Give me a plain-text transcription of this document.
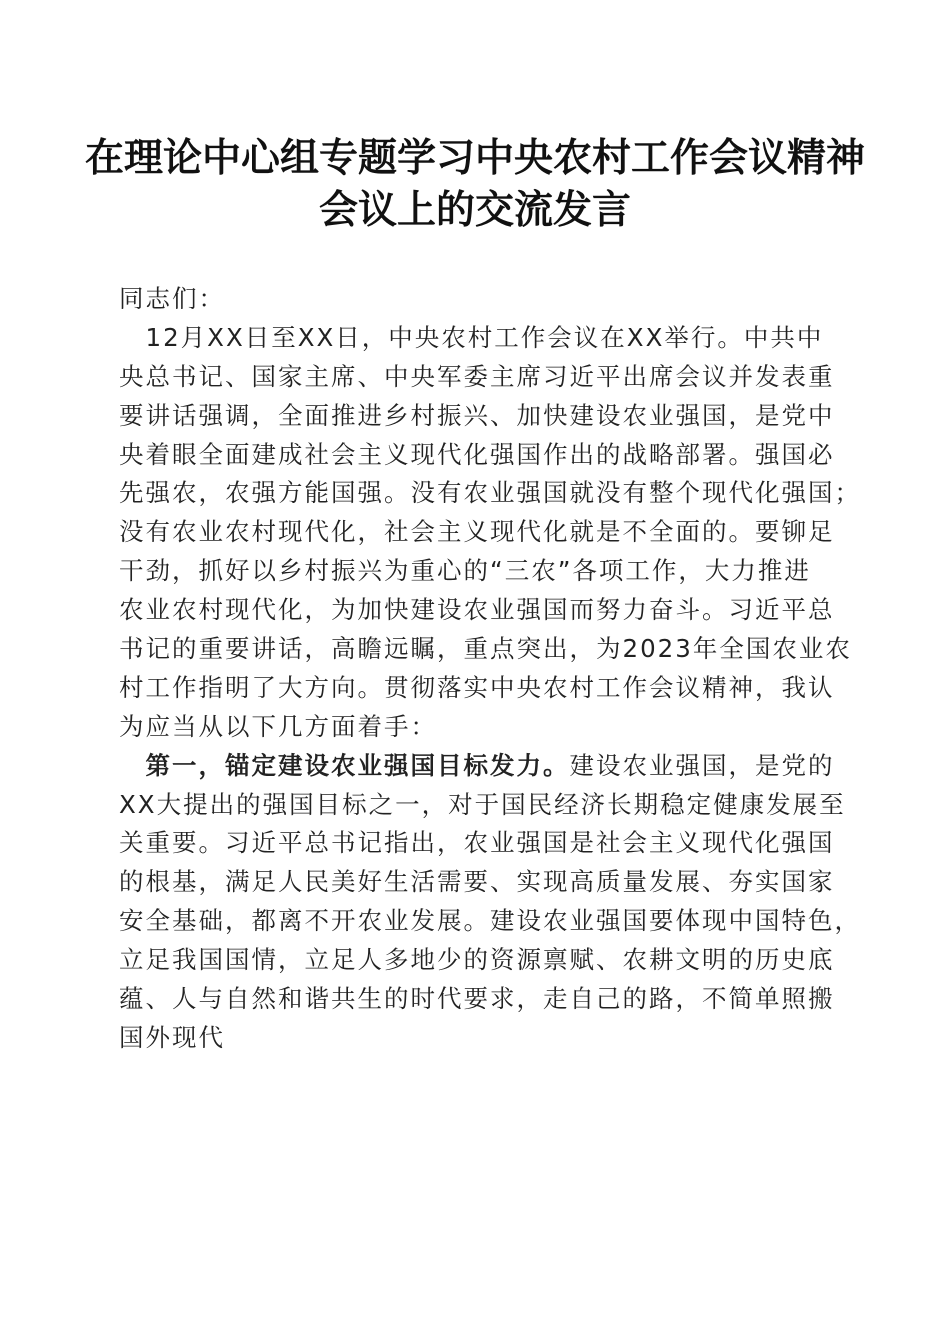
在理论中心组专题学习中央农村工作会议精神
会议上的交流发言
同志们：
　12月XX日至XX日，中央农村工作会议在XX举行。中共中
央总书记、国家主席、中央军委主席习近平出席会议并发表重
要讲话强调，全面推进乡村振兴、加快建设农业强国，是党中
央着眼全面建成社会主义现代化强国作出的战略部署。强国必
先强农，农强方能国强。没有农业强国就没有整个现代化强国；
没有农业农村现代化，社会主义现代化就是不全面的。要铆足
干劲，抓好以乡村振兴为重心的“三农”各项工作，大力推进
农业农村现代化，为加快建设农业强国而努力奋斗。习近平总
书记的重要讲话，高瞻远瞩，重点突出，为2023年全国农业农
村工作指明了大方向。贯彻落实中央农村工作会议精神，我认
为应当从以下几方面着手：
　第一，锚定建设农业强国目标发力。建设农业强国，是党的
XX大提出的强国目标之一，对于国民经济长期稳定健康发展至
关重要。习近平总书记指出，农业强国是社会主义现代化强国
的根基，满足人民美好生活需要、实现高质量发展、夯实国家
安全基础，都离不开农业发展。建设农业强国要体现中国特色，
立足我国国情，立足人多地少的资源禀赋、农耕文明的历史底
蕴、人与自然和谐共生的时代要求，走自己的路，不简单照搬
国外现代
